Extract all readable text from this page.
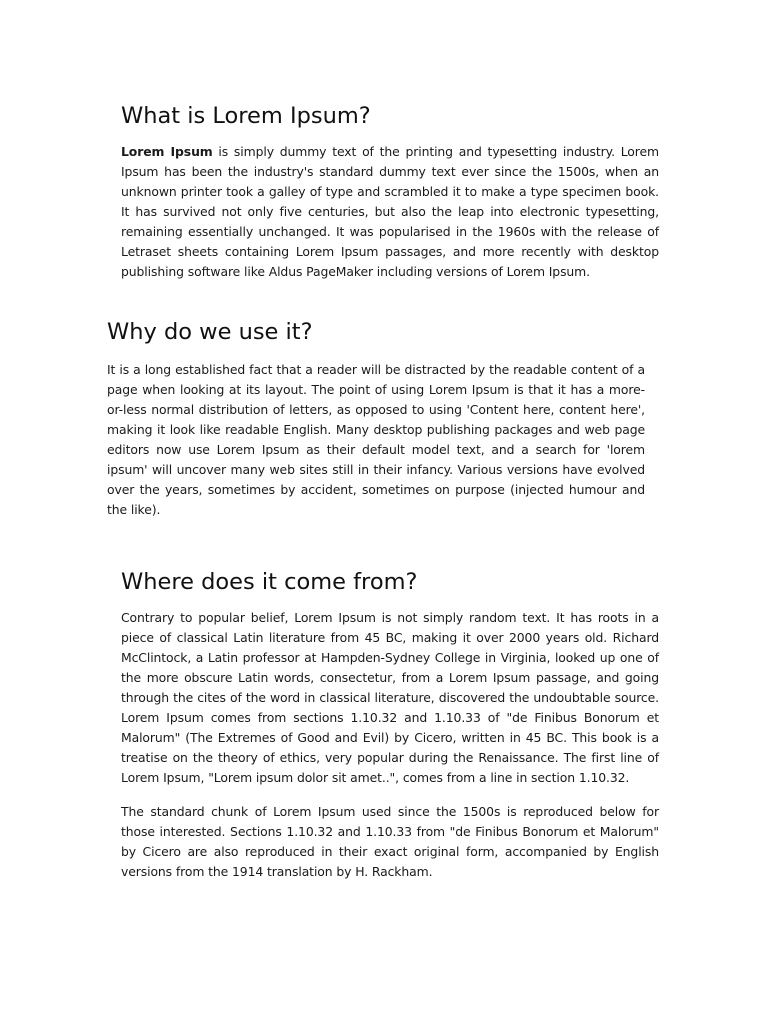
What is Lorem Ipsum?

Lorem Ipsum is simply dummy text of the printing and typesetting industry. Lorem Ipsum has been the industry's standard dummy text ever since the 1500s, when an unknown printer took a galley of type and scrambled it to make a type specimen book. It has survived not only five centuries, but also the leap into electronic typesetting, remaining essentially unchanged. It was popularised in the 1960s with the release of Letraset sheets containing Lorem Ipsum passages, and more recently with desktop publishing software like Aldus PageMaker including versions of Lorem Ipsum.

Why do we use it?

It is a long established fact that a reader will be distracted by the readable content of a page when looking at its layout. The point of using Lorem Ipsum is that it has a more-or-less normal distribution of letters, as opposed to using 'Content here, content here', making it look like readable English. Many desktop publishing packages and web page editors now use Lorem Ipsum as their default model text, and a search for 'lorem ipsum' will uncover many web sites still in their infancy. Various versions have evolved over the years, sometimes by accident, sometimes on purpose (injected humour and the like).

Where does it come from?

Contrary to popular belief, Lorem Ipsum is not simply random text. It has roots in a piece of classical Latin literature from 45 BC, making it over 2000 years old. Richard McClintock, a Latin professor at Hampden-Sydney College in Virginia, looked up one of the more obscure Latin words, consectetur, from a Lorem Ipsum passage, and going through the cites of the word in classical literature, discovered the undoubtable source. Lorem Ipsum comes from sections 1.10.32 and 1.10.33 of "de Finibus Bonorum et Malorum" (The Extremes of Good and Evil) by Cicero, written in 45 BC. This book is a treatise on the theory of ethics, very popular during the Renaissance. The first line of Lorem Ipsum, "Lorem ipsum dolor sit amet..", comes from a line in section 1.10.32.

The standard chunk of Lorem Ipsum used since the 1500s is reproduced below for those interested. Sections 1.10.32 and 1.10.33 from "de Finibus Bonorum et Malorum" by Cicero are also reproduced in their exact original form, accompanied by English versions from the 1914 translation by H. Rackham.
